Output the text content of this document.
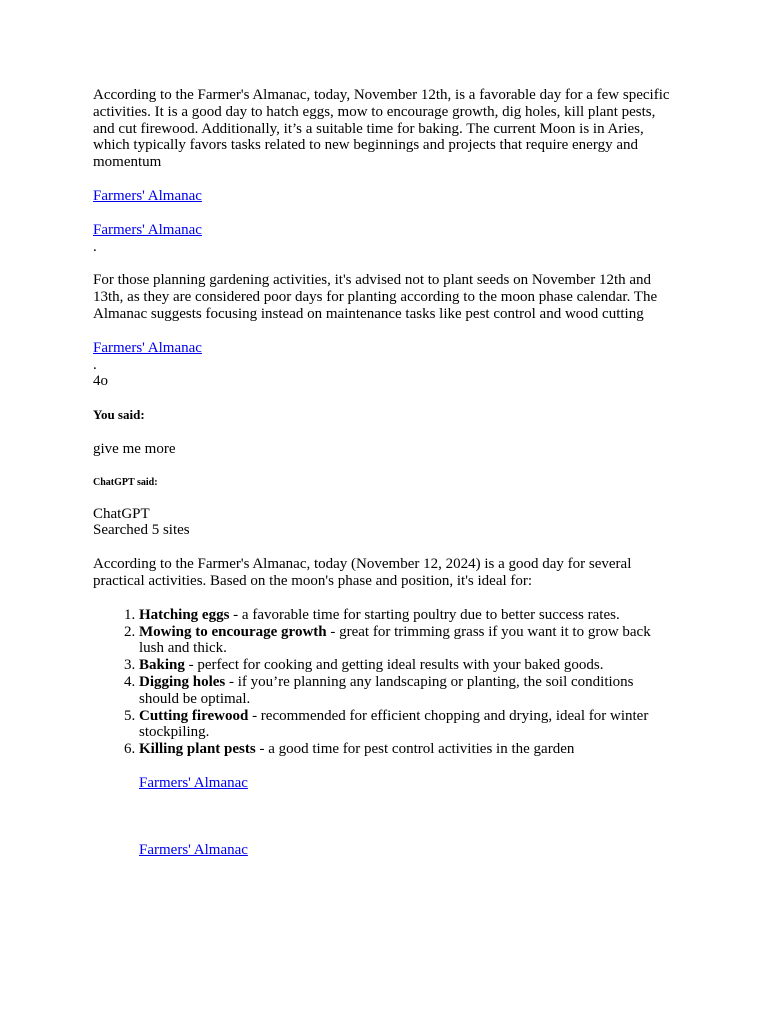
According to the Farmer's Almanac, today, November 12th, is a favorable day for a few specific activities. It is a good day to hatch eggs, mow to encourage growth, dig holes, kill plant pests, and cut firewood. Additionally, it’s a suitable time for baking. The current Moon is in Aries, which typically favors tasks related to new beginnings and projects that require energy and momentum

Farmers' Almanac

Farmers' Almanac

.

For those planning gardening activities, it's advised not to plant seeds on November 12th and 13th, as they are considered poor days for planting according to the moon phase calendar. The Almanac suggests focusing instead on maintenance tasks like pest control and wood cutting

Farmers' Almanac

.

4o

You said:

give me more

ChatGPT said:

ChatGPT

Searched 5 sites

According to the Farmer's Almanac, today (November 12, 2024) is a good day for several practical activities. Based on the moon's phase and position, it's ideal for:

1. Hatching eggs - a favorable time for starting poultry due to better success rates.
2. Mowing to encourage growth - great for trimming grass if you want it to grow back lush and thick.
3. Baking - perfect for cooking and getting ideal results with your baked goods.
4. Digging holes - if you’re planning any landscaping or planting, the soil conditions should be optimal.
5. Cutting firewood - recommended for efficient chopping and drying, ideal for winter stockpiling.
6. Killing plant pests - a good time for pest control activities in the garden

Farmers' Almanac

Farmers' Almanac
